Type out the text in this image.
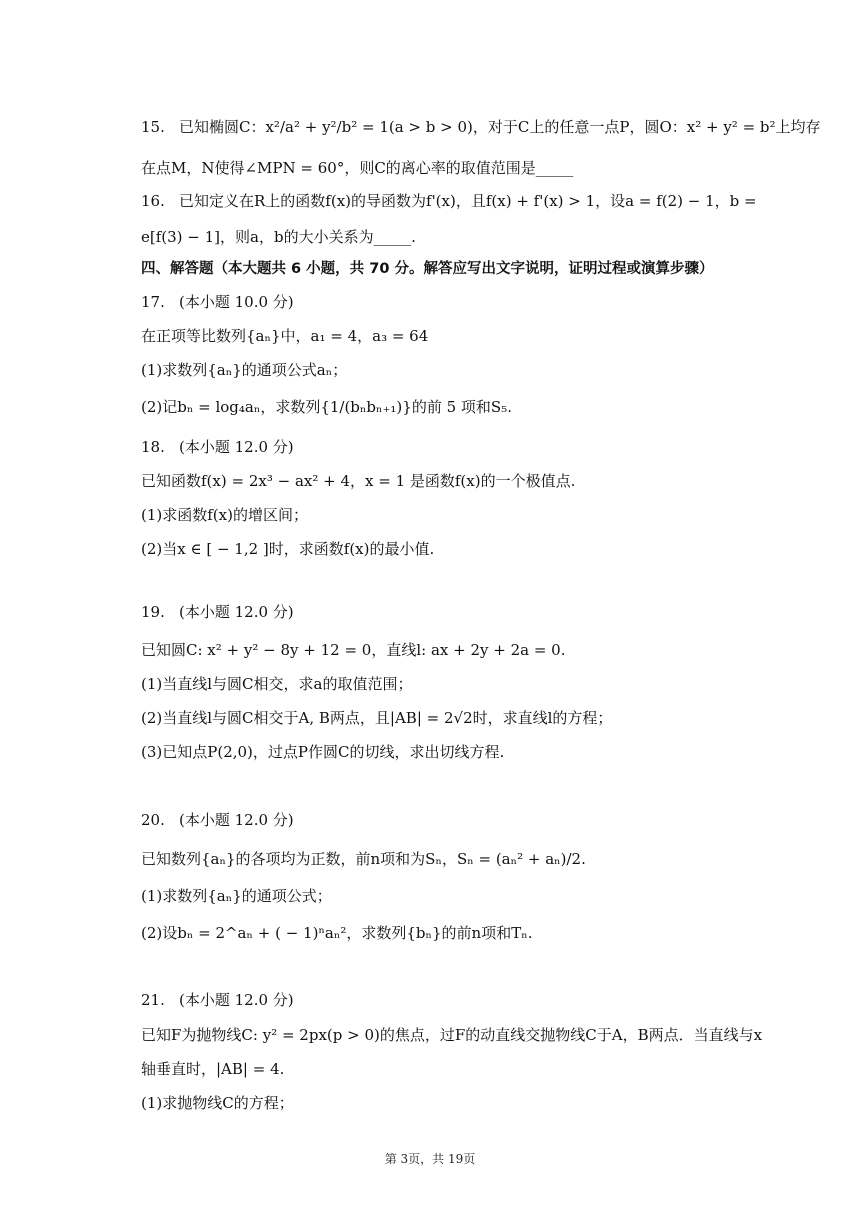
15. 已知椭圆C：x²/a² + y²/b² = 1(a > b > 0)，对于C上的任意一点P，圆O：x² + y² = b²上均存
在点M，N使得∠MPN = 60°，则C的离心率的取值范围是_____
16. 已知定义在R上的函数f(x)的导函数为f'(x)，且f(x) + f'(x) > 1，设a = f(2) − 1，b =
e[f(3) − 1]，则a，b的大小关系为_____.
四、解答题（本大题共 6 小题，共 70 分。解答应写出文字说明，证明过程或演算步骤）
17. (本小题 10.0 分)
在正项等比数列{aₙ}中，a₁ = 4，a₃ = 64
(1)求数列{aₙ}的通项公式aₙ；
(2)记bₙ = log₄aₙ，求数列{1/(bₙbₙ₊₁)}的前 5 项和S₅.
18. (本小题 12.0 分)
已知函数f(x) = 2x³ − ax² + 4，x = 1 是函数f(x)的一个极值点.
(1)求函数f(x)的增区间；
(2)当x ∈ [ − 1,2 ]时，求函数f(x)的最小值.
19. (本小题 12.0 分)
已知圆C: x² + y² − 8y + 12 = 0，直线l: ax + 2y + 2a = 0.
(1)当直线l与圆C相交，求a的取值范围；
(2)当直线l与圆C相交于A, B两点，且|AB| = 2√2时，求直线l的方程；
(3)已知点P(2,0)，过点P作圆C的切线，求出切线方程.
20. (本小题 12.0 分)
已知数列{aₙ}的各项均为正数，前n项和为Sₙ，Sₙ = (aₙ² + aₙ)/2.
(1)求数列{aₙ}的通项公式；
(2)设bₙ = 2^aₙ + ( − 1)ⁿaₙ²，求数列{bₙ}的前n项和Tₙ.
21. (本小题 12.0 分)
已知F为抛物线C: y² = 2px(p > 0)的焦点，过F的动直线交抛物线C于A，B两点．当直线与x
轴垂直时，|AB| = 4.
(1)求抛物线C的方程；
第 3页，共 19页
